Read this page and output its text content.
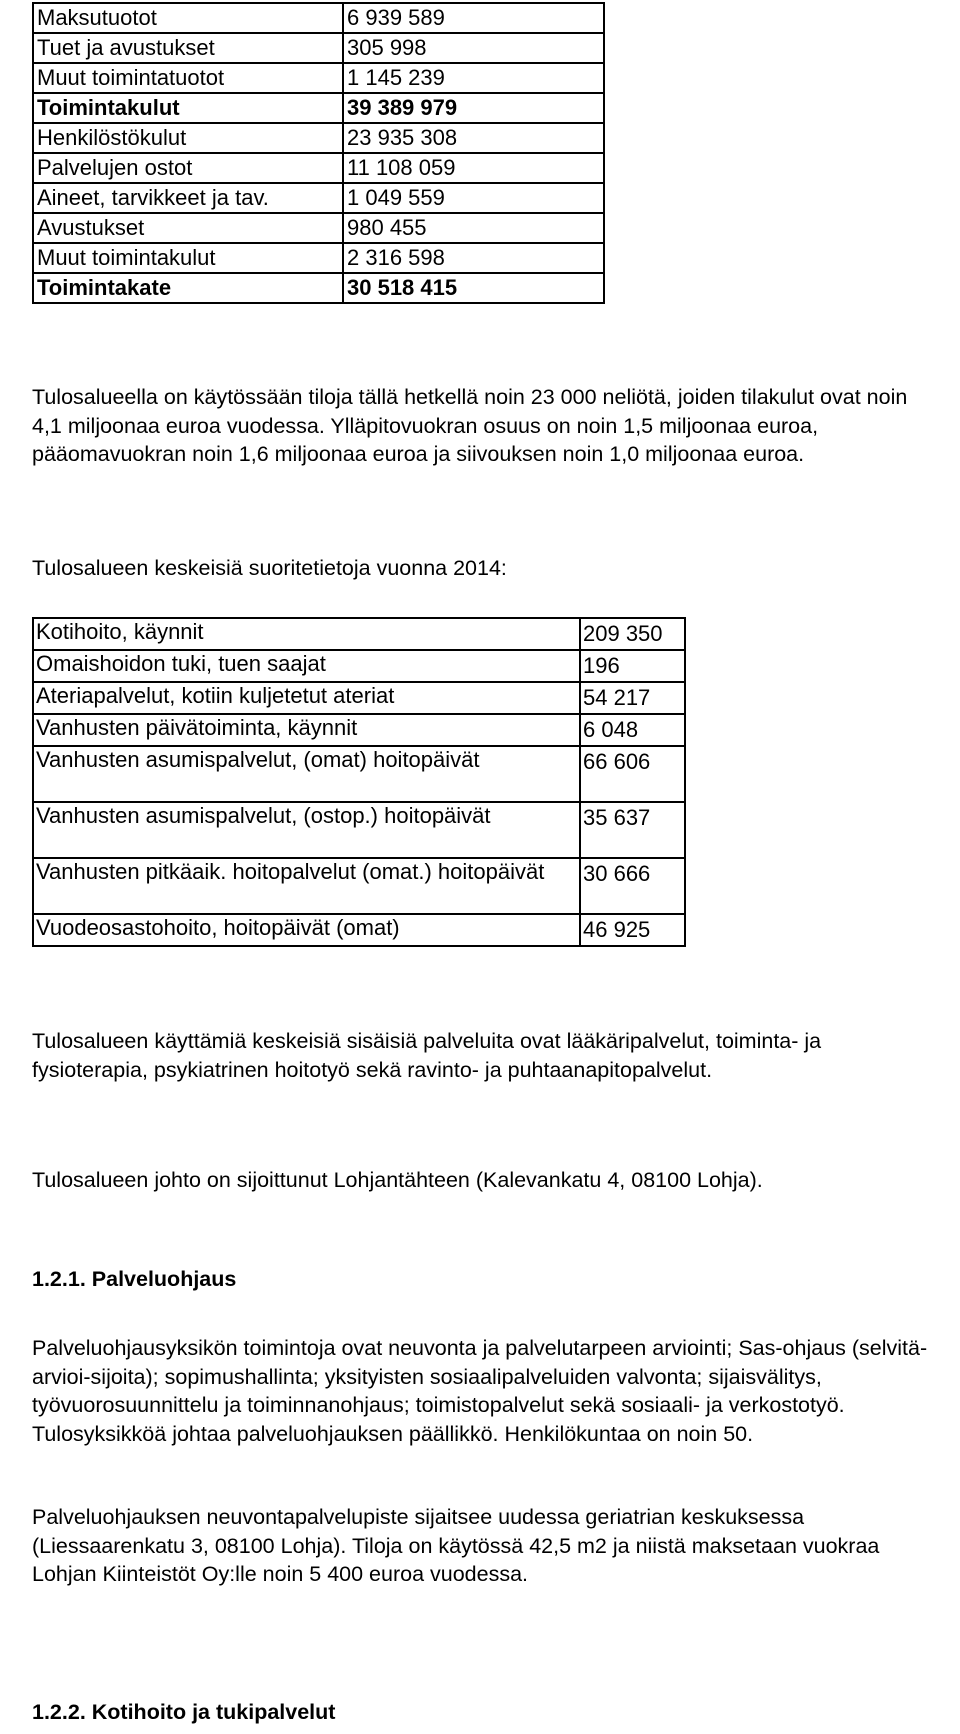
Maksutuotot	6 939 589
Tuet ja avustukset	305 998
Muut toimintatuotot	1 145 239
Toimintakulut	39 389 979
Henkilöstökulut	23 935 308
Palvelujen ostot	11 108 059
Aineet, tarvikkeet ja tav.	1 049 559
Avustukset	980 455
Muut toimintakulut	2 316 598
Toimintakate	30 518 415

Tulosalueella on käytössään tiloja tällä hetkellä noin 23 000 neliötä, joiden tilakulut ovat noin 4,1 miljoonaa euroa vuodessa. Ylläpitovuokran osuus on noin 1,5 miljoonaa euroa, pääomavuokran noin 1,6 miljoonaa euroa ja siivouksen noin 1,0 miljoonaa euroa.

Tulosalueen keskeisiä suoritetietoja vuonna 2014:

Kotihoito, käynnit	209 350
Omaishoidon tuki, tuen saajat	196
Ateriapalvelut, kotiin kuljetetut ateriat	54 217
Vanhusten päivätoiminta, käynnit	6 048
Vanhusten asumispalvelut, (omat) hoitopäivät	66 606
Vanhusten asumispalvelut, (ostop.) hoitopäivät	35 637
Vanhusten pitkäaik. hoitopalvelut (omat.) hoitopäivät	30 666
Vuodeosastohoito, hoitopäivät (omat)	46 925

Tulosalueen käyttämiä keskeisiä sisäisiä palveluita ovat lääkäripalvelut, toiminta- ja fysioterapia, psykiatrinen hoitotyö sekä ravinto- ja puhtaanapitopalvelut.

Tulosalueen johto on sijoittunut Lohjantähteen (Kalevankatu 4, 08100 Lohja).

1.2.1. Palveluohjaus

Palveluohjausyksikön toimintoja ovat neuvonta ja palvelutarpeen arviointi; Sas-ohjaus (selvitä-arvioi-sijoita); sopimushallinta; yksityisten sosiaalipalveluiden valvonta; sijaisvälitys, työvuorosuunnittelu ja toiminnanohjaus; toimistopalvelut sekä sosiaali- ja verkostotyö. Tulosyksikköä johtaa palveluohjauksen päällikkö. Henkilökuntaa on noin 50.

Palveluohjauksen neuvontapalvelupiste sijaitsee uudessa geriatrian keskuksessa (Liessaarenkatu 3, 08100 Lohja). Tiloja on käytössä 42,5 m2 ja niistä maksetaan vuokraa Lohjan Kiinteistöt Oy:lle noin 5 400 euroa vuodessa.

1.2.2. Kotihoito ja tukipalvelut
